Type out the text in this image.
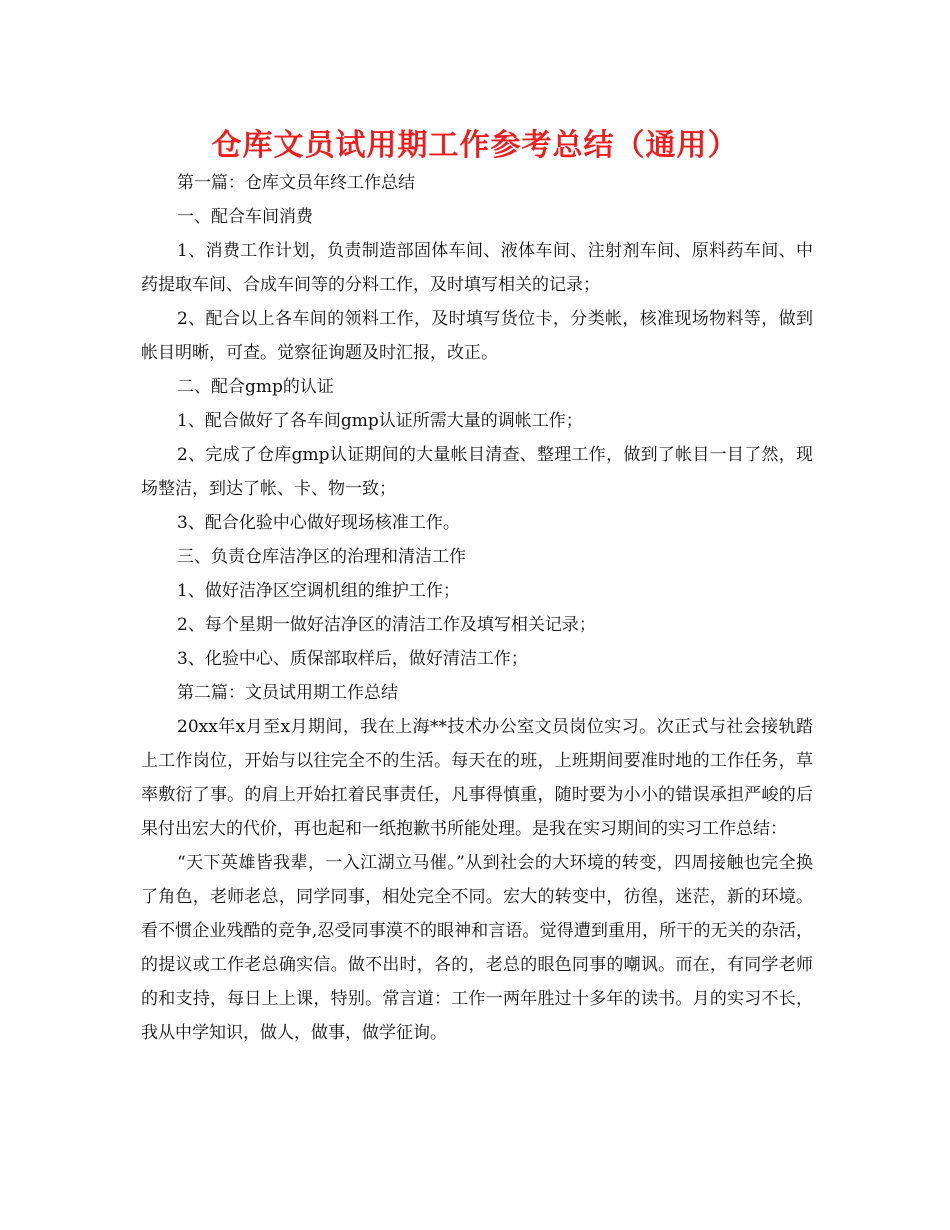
仓库文员试用期工作参考总结（通用）

第一篇：仓库文员年终工作总结

一、配合车间消费

1、消费工作计划，负责制造部固体车间、液体车间、注射剂车间、原料药车间、中药提取车间、合成车间等的分料工作，及时填写相关的记录；

2、配合以上各车间的领料工作，及时填写货位卡，分类帐，核准现场物料等，做到帐目明晰，可查。觉察征询题及时汇报，改正。

二、配合gmp的认证

1、配合做好了各车间gmp认证所需大量的调帐工作；

2、完成了仓库gmp认证期间的大量帐目清查、整理工作，做到了帐目一目了然，现场整洁，到达了帐、卡、物一致；

3、配合化验中心做好现场核准工作。

三、负责仓库洁净区的治理和清洁工作

1、做好洁净区空调机组的维护工作；

2、每个星期一做好洁净区的清洁工作及填写相关记录；

3、化验中心、质保部取样后，做好清洁工作；

第二篇：文员试用期工作总结

20xx年x月至x月期间，我在上海**技术办公室文员岗位实习。次正式与社会接轨踏上工作岗位，开始与以往完全不的生活。每天在的班，上班期间要准时地的工作任务，草率敷衍了事。的肩上开始扛着民事责任，凡事得慎重，随时要为小小的错误承担严峻的后果付出宏大的代价，再也起和一纸抱歉书所能处理。是我在实习期间的实习工作总结：

“天下英雄皆我辈，一入江湖立马催。”从到社会的大环境的转变，四周接触也完全换了角色，老师老总，同学同事，相处完全不同。宏大的转变中，彷徨，迷茫，新的环境。看不惯企业残酷的竞争,忍受同事漠不的眼神和言语。觉得遭到重用，所干的无关的杂活，的提议或工作老总确实信。做不出时，各的，老总的眼色同事的嘲讽。而在，有同学老师的和支持，每日上上课，特别。常言道：工作一两年胜过十多年的读书。月的实习不长，我从中学知识，做人，做事，做学征询。
